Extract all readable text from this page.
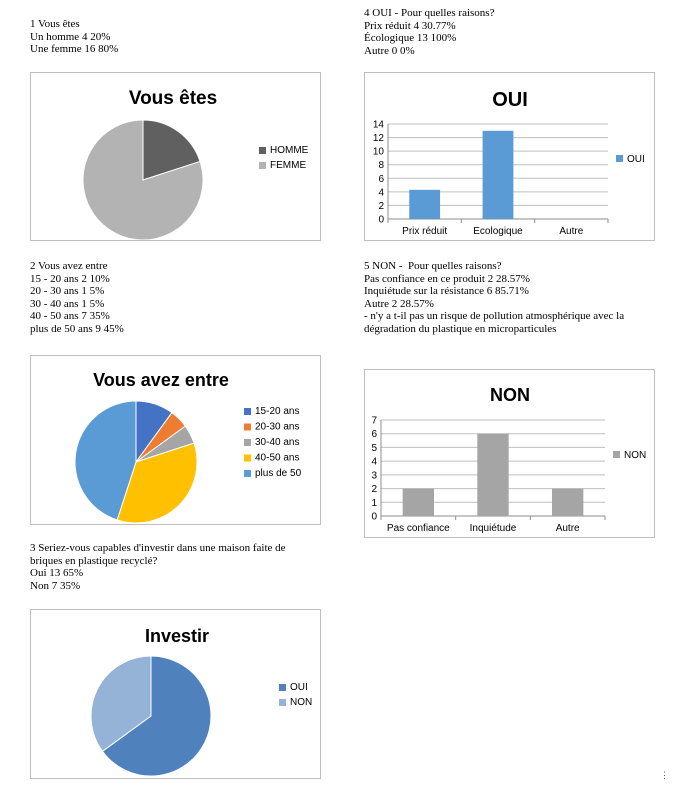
1 Vous êtes
Un homme 4 20%
Une femme 16 80%
2 Vous avez entre
15 - 20 ans 2 10%
20 - 30 ans 1 5%
30 - 40 ans 1 5%
40 - 50 ans 7 35%
plus de 50 ans 9 45%
3 Seriez-vous capables d'investir dans une maison faite de
briques en plastique recyclé?
Oui 13 65%
Non 7 35%
4 OUI - Pour quelles raisons?
Prix réduit 4 30.77%
Écologique 13 100%
Autre 0 0%
5 NON -  Pour quelles raisons?
Pas confiance en ce produit 2 28.57%
Inquiétude sur la résistance 6 85.71%
Autre 2 28.57%
- n'y a t-il pas un risque de pollution atmosphérique avec la
dégradation du plastique en microparticules
Vous êtes
HOMME
FEMME
OUI
0
2
4
6
8
10
12
14
Prix réduit	Ecologique	Autre
OUI
Vous avez entre
15-20 ans
20-30 ans
30-40 ans
40-50 ans
plus de 50
NON
0
1
2
3
4
5
6
7
Pas confiance Inquiétude	Autre
NON
Investir
OUI
NON
⋮
